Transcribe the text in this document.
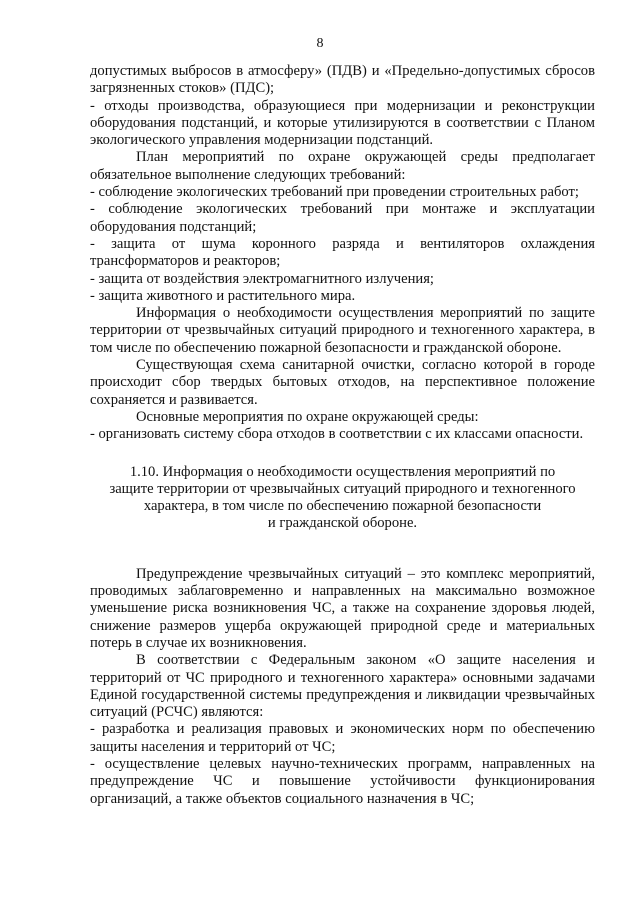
8

допустимых выбросов в атмосферу» (ПДВ) и «Предельно-допустимых сбросов загрязненных стоков» (ПДС);

- отходы производства, образующиеся при модернизации и реконструкции оборудования подстанций, и которые утилизируются в соответствии с Планом экологического управления модернизации подстанций.

План мероприятий по охране окружающей среды предполагает обязательное выполнение следующих требований:

- соблюдение экологических требований при проведении строительных работ;

- соблюдение экологических требований при монтаже и эксплуатации оборудования подстанций;

- защита от шума коронного разряда и вентиляторов охлаждения трансформаторов и реакторов;

- защита от воздействия электромагнитного излучения;

- защита животного и растительного мира.

Информация о необходимости осуществления мероприятий по защите территории от чрезвычайных ситуаций природного и техногенного характера, в том числе по обеспечению пожарной безопасности и гражданской обороне.

Существующая схема санитарной очистки, согласно которой в городе происходит сбор твердых бытовых отходов, на перспективное положение сохраняется и развивается.

Основные мероприятия по охране окружающей среды:

- организовать систему сбора отходов в соответствии с их классами опасности.

1.10. Информация о необходимости осуществления мероприятий по
защите территории от чрезвычайных ситуаций природного и техногенного
характера, в том числе по обеспечению пожарной безопасности
и гражданской обороне.

Предупреждение чрезвычайных ситуаций – это комплекс мероприятий, проводимых заблаговременно и направленных на максимально возможное уменьшение риска возникновения ЧС, а также на сохранение здоровья людей, снижение размеров ущерба окружающей природной среде и материальных потерь в случае их возникновения.

В соответствии с Федеральным законом «О защите населения и территорий от ЧС природного и техногенного характера» основными задачами Единой государственной системы предупреждения и ликвидации чрезвычайных ситуаций (РСЧС) являются:

- разработка и реализация правовых и экономических норм по обеспечению защиты населения и территорий от ЧС;

- осуществление целевых научно-технических программ, направленных на предупреждение ЧС и повышение устойчивости функционирования организаций, а также объектов социального назначения в ЧС;
